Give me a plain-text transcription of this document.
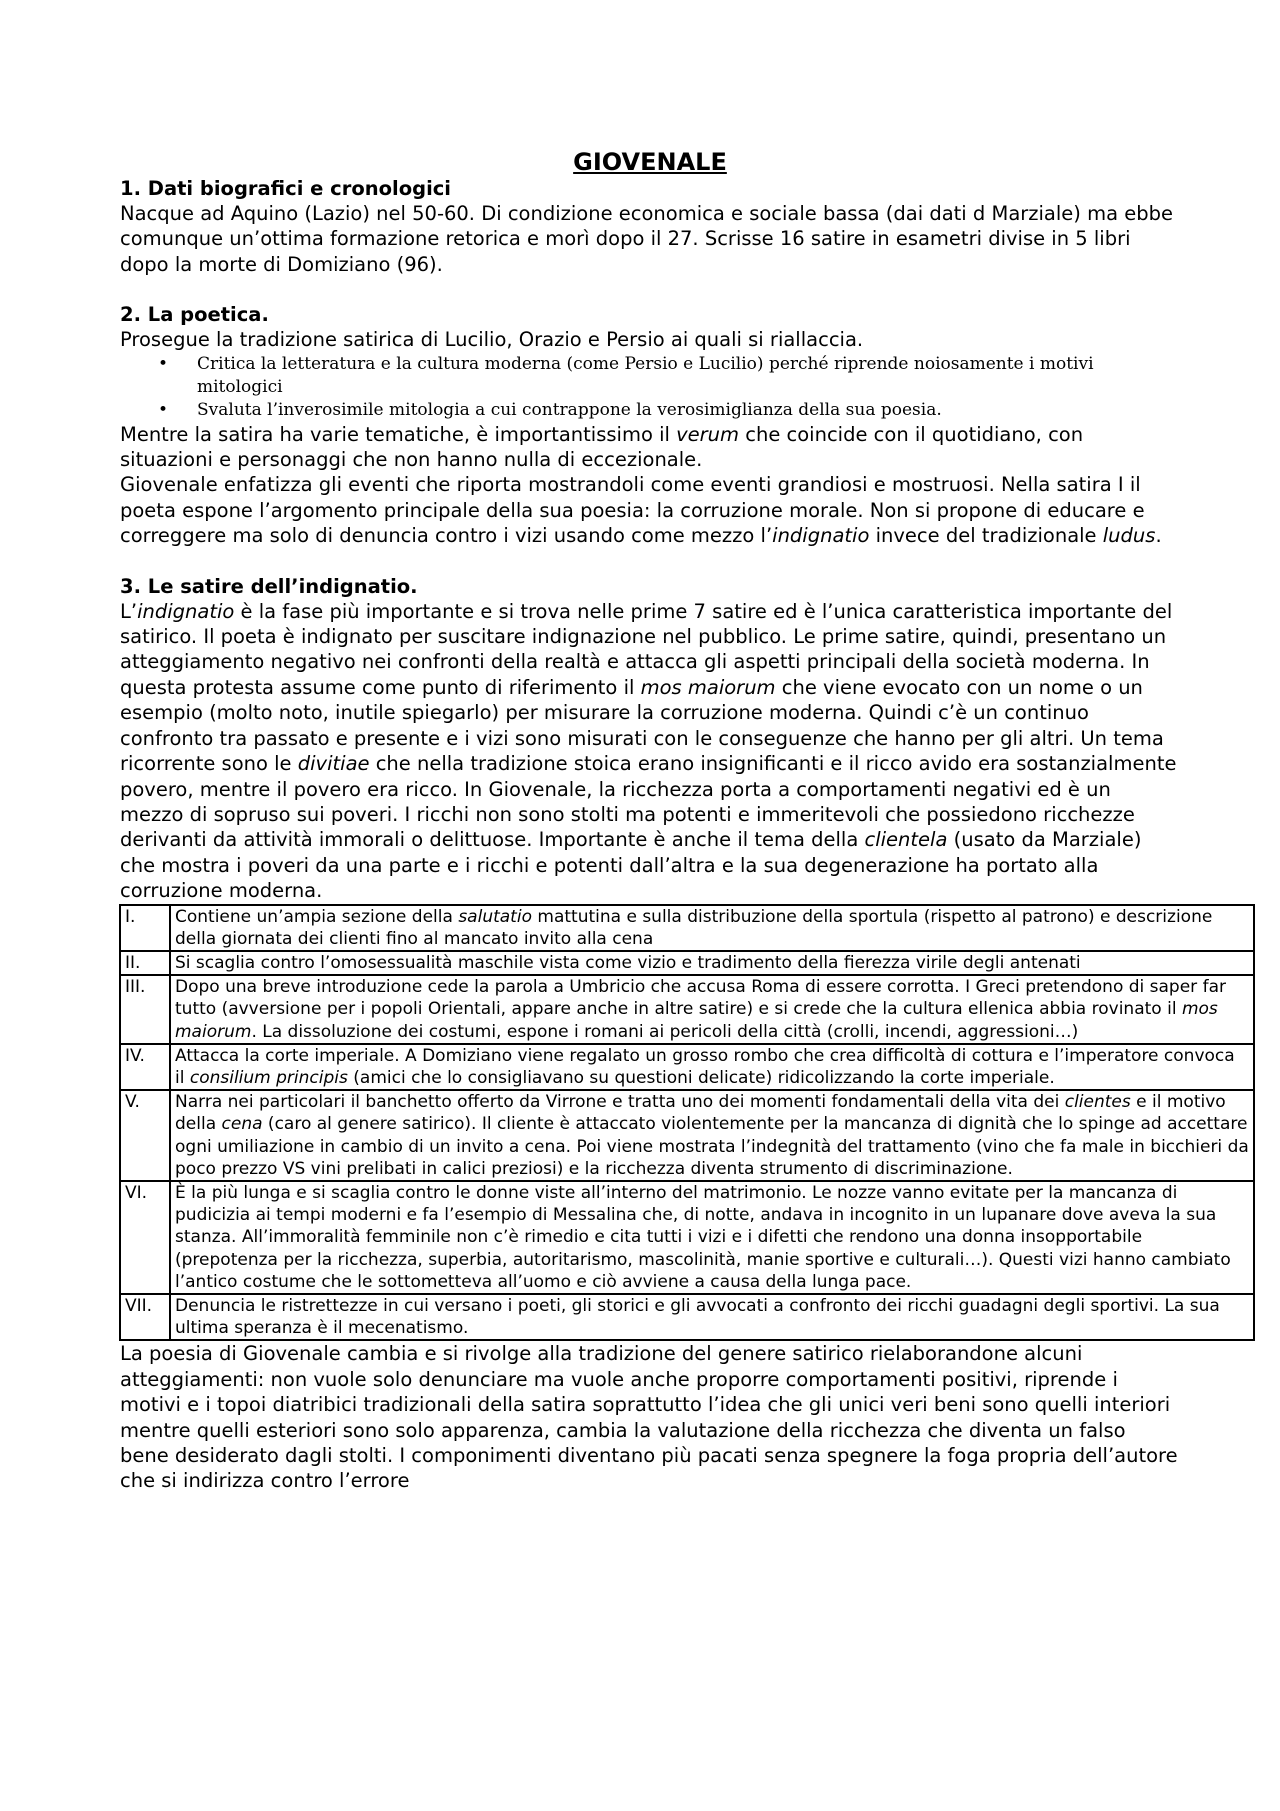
GIOVENALE

1. Dati biografici e cronologici

Nacque ad Aquino (Lazio) nel 50-60. Di condizione economica e sociale bassa (dai dati d Marziale) ma ebbe comunque un’ottima formazione retorica e morì dopo il 27. Scrisse 16 satire in esametri divise in 5 libri dopo la morte di Domiziano (96).

2. La poetica.

Prosegue la tradizione satirica di Lucilio, Orazio e Persio ai quali si riallaccia.

• Critica la letteratura e la cultura moderna (come Persio e Lucilio) perché riprende noiosamente i motivi mitologici
• Svaluta l’inverosimile mitologia a cui contrappone la verosimiglianza della sua poesia.

Mentre la satira ha varie tematiche, è importantissimo il verum che coincide con il quotidiano, con situazioni e personaggi che non hanno nulla di eccezionale.

Giovenale enfatizza gli eventi che riporta mostrandoli come eventi grandiosi e mostruosi. Nella satira I il poeta espone l’argomento principale della sua poesia: la corruzione morale. Non si propone di educare e correggere ma solo di denuncia contro i vizi usando come mezzo l’indignatio invece del tradizionale ludus.

3. Le satire dell’indignatio.

L’indignatio è la fase più importante e si trova nelle prime 7 satire ed è l’unica caratteristica importante del satirico. Il poeta è indignato per suscitare indignazione nel pubblico. Le prime satire, quindi, presentano un atteggiamento negativo nei confronti della realtà e attacca gli aspetti principali della società moderna. In questa protesta assume come punto di riferimento il mos maiorum che viene evocato con un nome o un esempio (molto noto, inutile spiegarlo) per misurare la corruzione moderna. Quindi c’è un continuo confronto tra passato e presente e i vizi sono misurati con le conseguenze che hanno per gli altri. Un tema ricorrente sono le divitiae che nella tradizione stoica erano insignificanti e il ricco avido era sostanzialmente povero, mentre il povero era ricco. In Giovenale, la ricchezza porta a comportamenti negativi ed è un mezzo di sopruso sui poveri. I ricchi non sono stolti ma potenti e immeritevoli che possiedono ricchezze derivanti da attività immorali o delittuose. Importante è anche il tema della clientela (usato da Marziale) che mostra i poveri da una parte e i ricchi e potenti dall’altra e la sua degenerazione ha portato alla corruzione moderna.

I.	Contiene un’ampia sezione della salutatio mattutina e sulla distribuzione della sportula (rispetto al patrono) e descrizione della giornata dei clienti fino al mancato invito alla cena
II.	Si scaglia contro l’omosessualità maschile vista come vizio e tradimento della fierezza virile degli antenati
III.	Dopo una breve introduzione cede la parola a Umbricio che accusa Roma di essere corrotta. I Greci pretendono di saper far tutto (avversione per i popoli Orientali, appare anche in altre satire) e si crede che la cultura ellenica abbia rovinato il mos maiorum. La dissoluzione dei costumi, espone i romani ai pericoli della città (crolli, incendi, aggressioni…)
IV.	Attacca la corte imperiale. A Domiziano viene regalato un grosso rombo che crea difficoltà di cottura e l’imperatore convoca il consilium principis (amici che lo consigliavano su questioni delicate) ridicolizzando la corte imperiale.
V.	Narra nei particolari il banchetto offerto da Virrone e tratta uno dei momenti fondamentali della vita dei clientes e il motivo della cena (caro al genere satirico). Il cliente è attaccato violentemente per la mancanza di dignità che lo spinge ad accettare ogni umiliazione in cambio di un invito a cena. Poi viene mostrata l’indegnità del trattamento (vino che fa male in bicchieri da poco prezzo VS vini prelibati in calici preziosi) e la ricchezza diventa strumento di discriminazione.
VI.	È la più lunga e si scaglia contro le donne viste all’interno del matrimonio. Le nozze vanno evitate per la mancanza di pudicizia ai tempi moderni e fa l’esempio di Messalina che, di notte, andava in incognito in un lupanare dove aveva la sua stanza. All’immoralità femminile non c’è rimedio e cita tutti i vizi e i difetti che rendono una donna insopportabile (prepotenza per la ricchezza, superbia, autoritarismo, mascolinità, manie sportive e culturali…). Questi vizi hanno cambiato l’antico costume che le sottometteva all’uomo e ciò avviene a causa della lunga pace.
VII.	Denuncia le ristrettezze in cui versano i poeti, gli storici e gli avvocati a confronto dei ricchi guadagni degli sportivi. La sua ultima speranza è il mecenatismo.

La poesia di Giovenale cambia e si rivolge alla tradizione del genere satirico rielaborandone alcuni atteggiamenti: non vuole solo denunciare ma vuole anche proporre comportamenti positivi, riprende i motivi e i topoi diatribici tradizionali della satira soprattutto l’idea che gli unici veri beni sono quelli interiori mentre quelli esteriori sono solo apparenza, cambia la valutazione della ricchezza che diventa un falso bene desiderato dagli stolti. I componimenti diventano più pacati senza spegnere la foga propria dell’autore che si indirizza contro l’errore
